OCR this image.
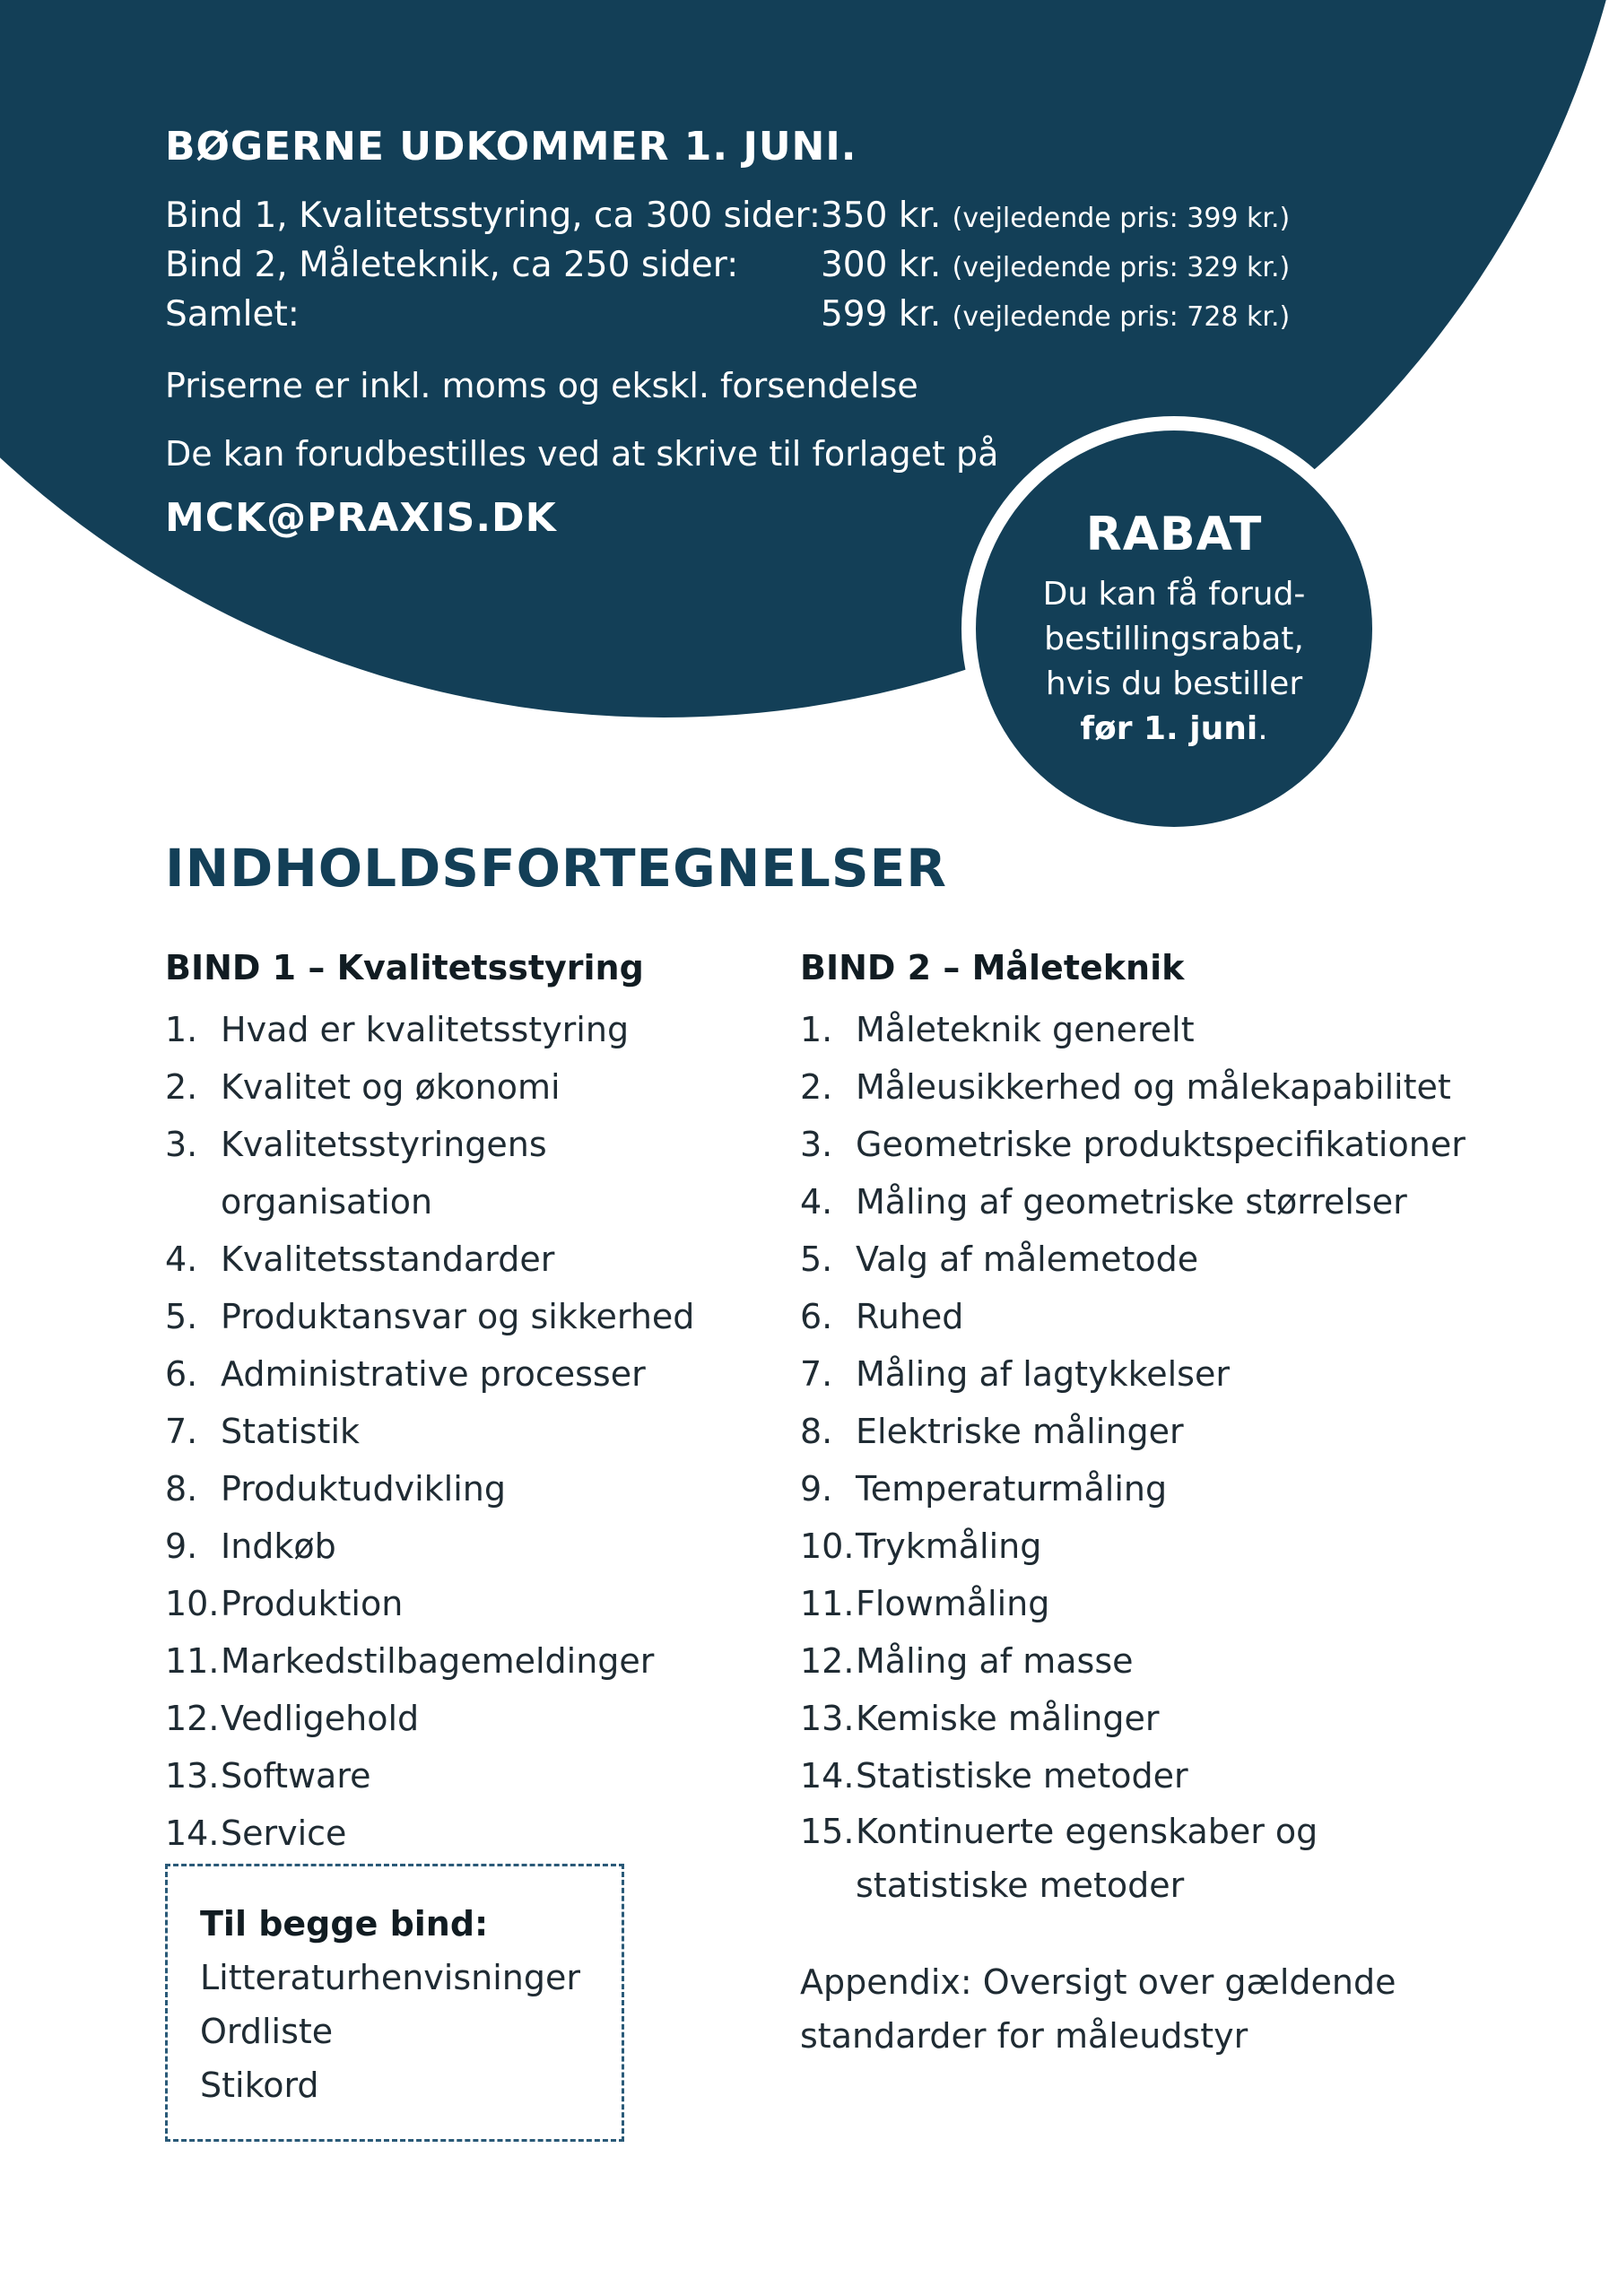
BØGERNE UDKOMMER 1. JUNI.
Bind 1, Kvalitetsstyring, ca 300 sider:	350 kr. (vejledende pris: 399 kr.)
Bind 2, Måleteknik, ca 250 sider:	300 kr. (vejledende pris: 329 kr.)
Samlet:	599 kr. (vejledende pris: 728 kr.)
Priserne er inkl. moms og ekskl. forsendelse
De kan forudbestilles ved at skrive til forlaget på
MCK@PRAXIS.DK	RABAT
Du kan få forud-
bestillingsrabat,
hvis du bestiller
før 1. juni.
INDHOLDSFORTEGNELSER
BIND 1 – Kvalitetsstyring
1. Hvad er kvalitetsstyring
2. Kvalitet og økonomi
3. Kvalitetsstyringens organisation
4. Kvalitetsstandarder
5. Produktansvar og sikkerhed
6. Administrative processer
7. Statistik
8. Produktudvikling
9. Indkøb
10. Produktion
11. Markedstilbagemeldinger
12. Vedligehold
13. Software
14. Service
BIND 2 – Måleteknik
1. Måleteknik generelt
2. Måleusikkerhed og målekapabilitet
3. Geometriske produktspecifikationer
4. Måling af geometriske størrelser
5. Valg af målemetode
6. Ruhed
7. Måling af lagtykkelser
8. Elektriske målinger
9. Temperaturmåling
10. Trykmåling
11. Flowmåling
12. Måling af masse
13. Kemiske målinger
14. Statistiske metoder
15. Kontinuerte egenskaber og statistiske metoder
Til begge bind:
Litteraturhenvisninger
Ordliste
Stikord
Appendix: Oversigt over gældende standarder for måleudstyr
